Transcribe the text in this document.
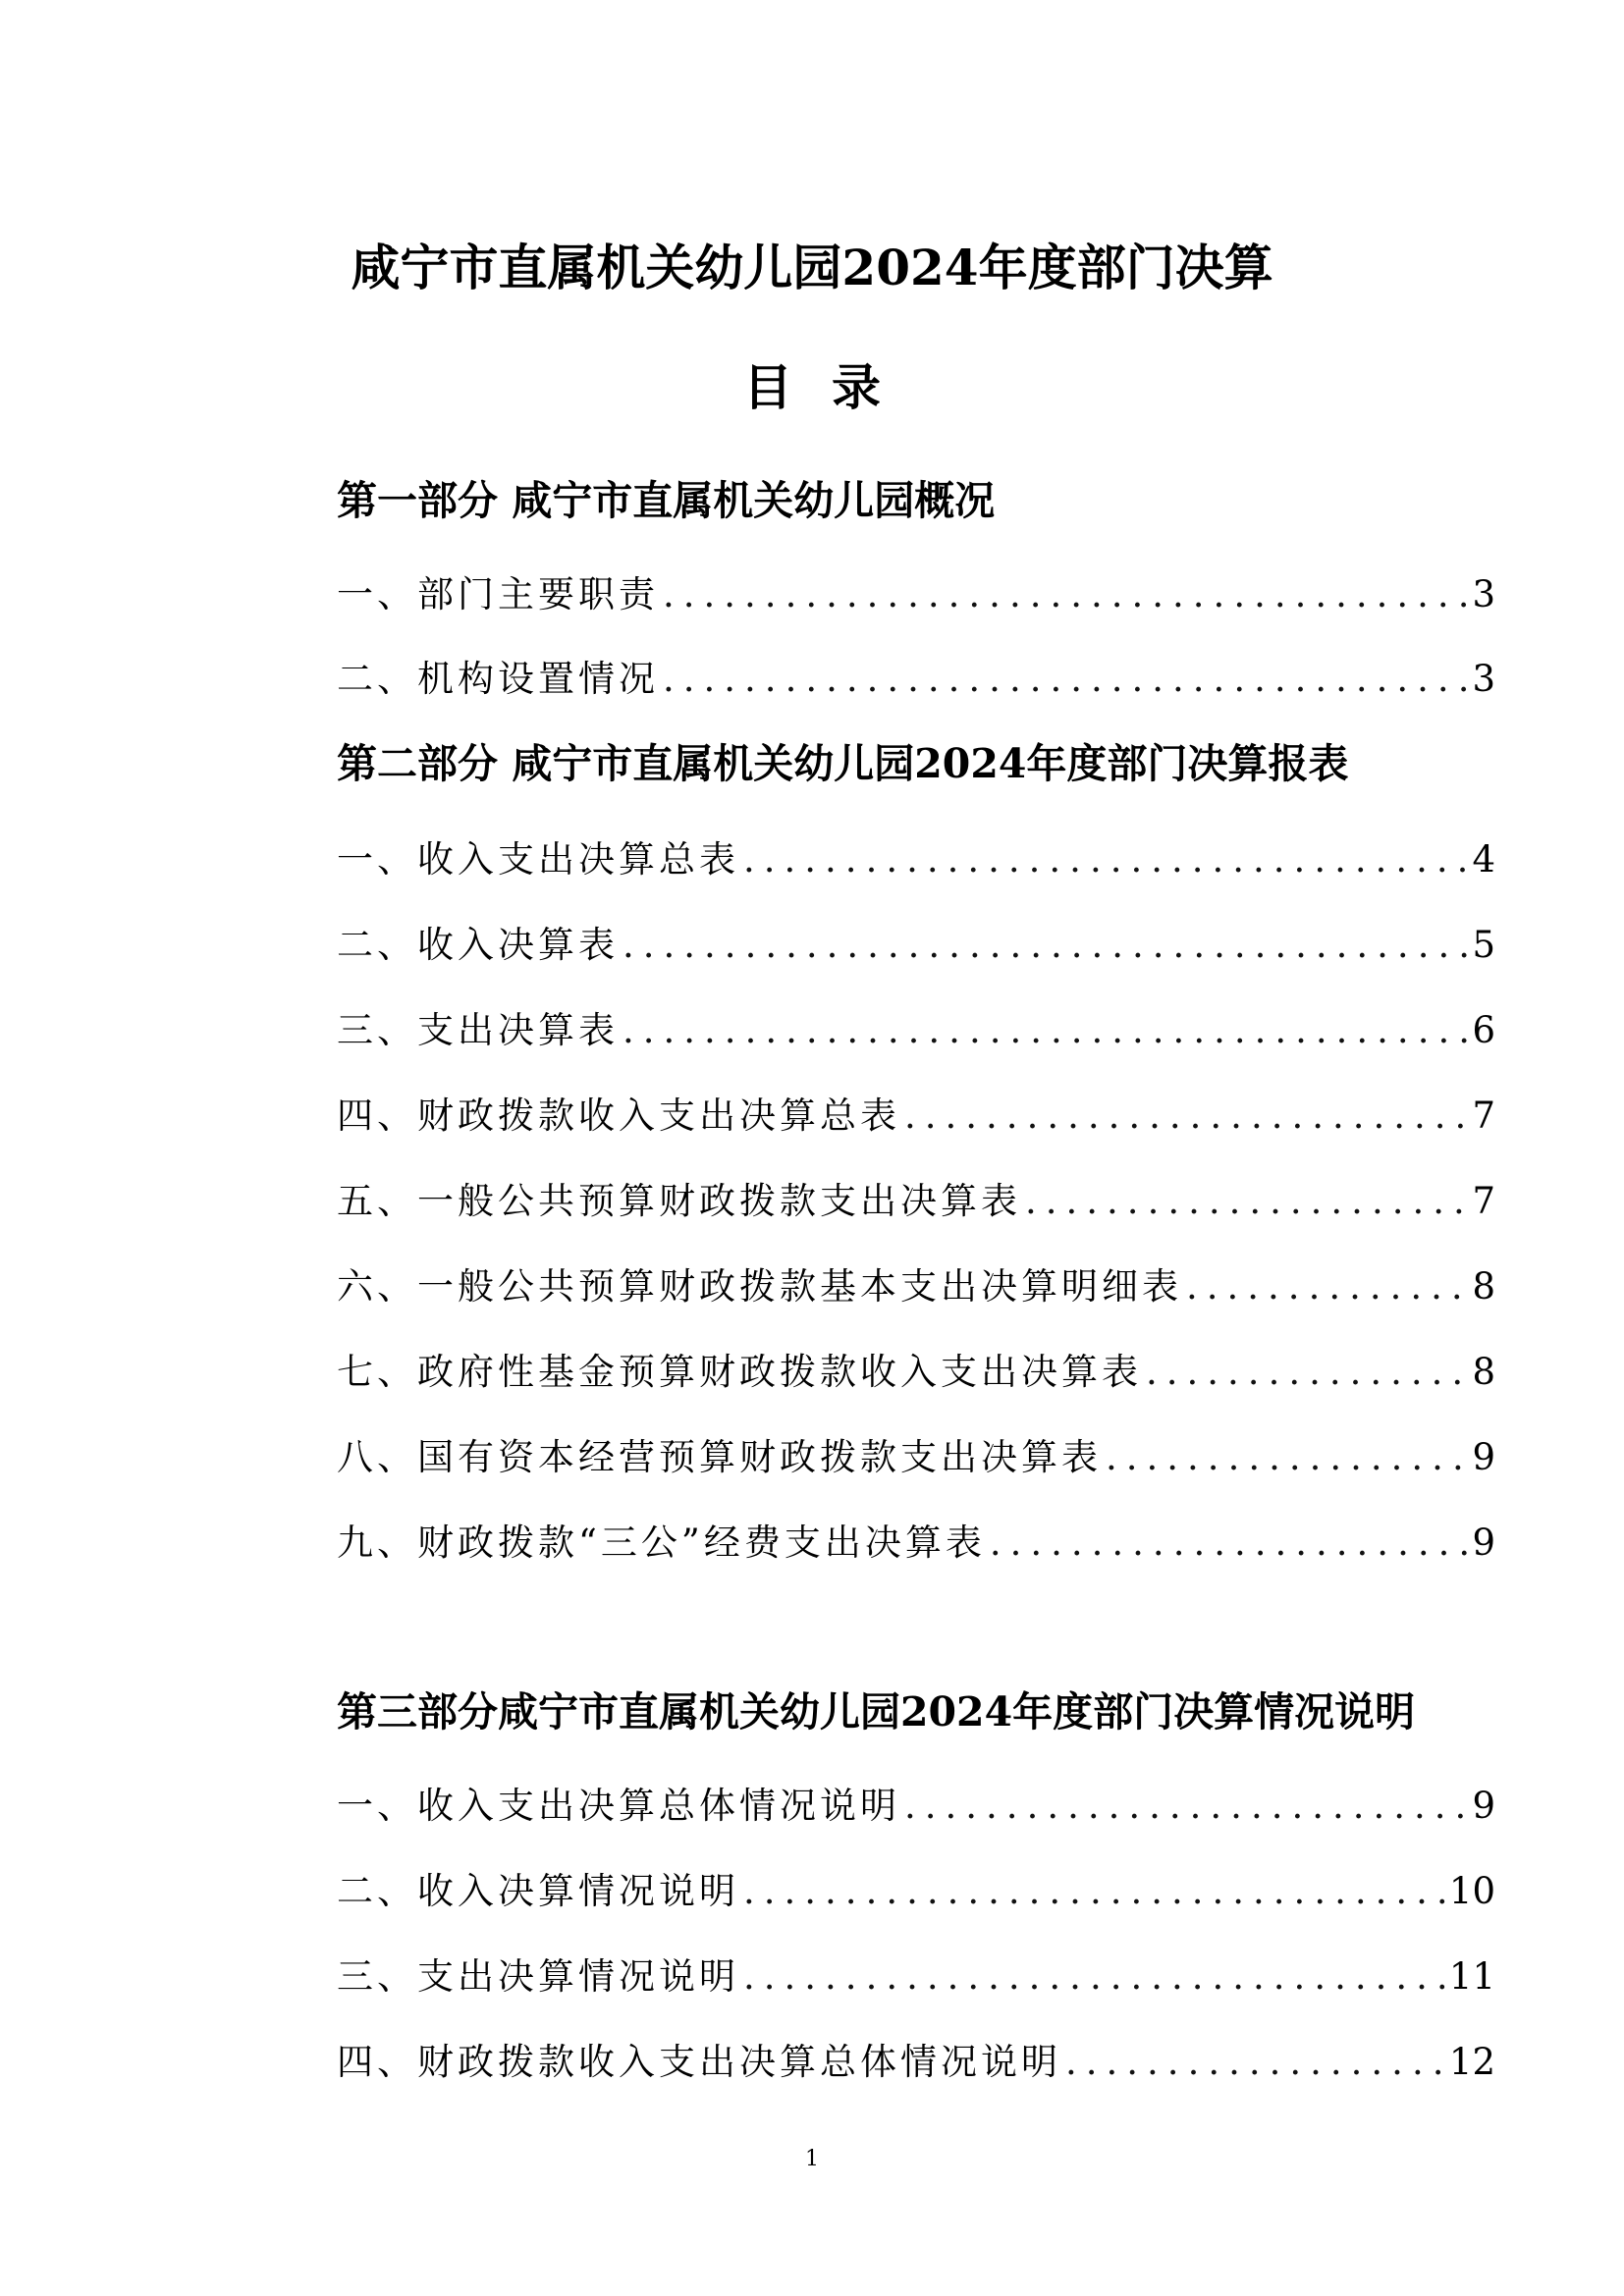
咸宁市直属机关幼儿园2024年度部门决算
目录
第一部分 咸宁市直属机关幼儿园概况
一、部门主要职责 .....	3
二、机构设置情况 .....	3
第二部分 咸宁市直属机关幼儿园2024年度部门决算报表
一、收入支出决算总表 .....	4
二、收入决算表 .....	5
三、支出决算表 .....	6
四、财政拨款收入支出决算总表 .....	7
五、一般公共预算财政拨款支出决算表 .....	7
六、一般公共预算财政拨款基本支出决算明细表 .....	8
七、政府性基金预算财政拨款收入支出决算表 .....	8
八、国有资本经营预算财政拨款支出决算表 .....	9
九、财政拨款“三公”经费支出决算表 .....	9
第三部分咸宁市直属机关幼儿园2024年度部门决算情况说明
一、收入支出决算总体情况说明 .....	9
二、收入决算情况说明 .....	10
三、支出决算情况说明 .....	11
四、财政拨款收入支出决算总体情况说明 .....	12
1
